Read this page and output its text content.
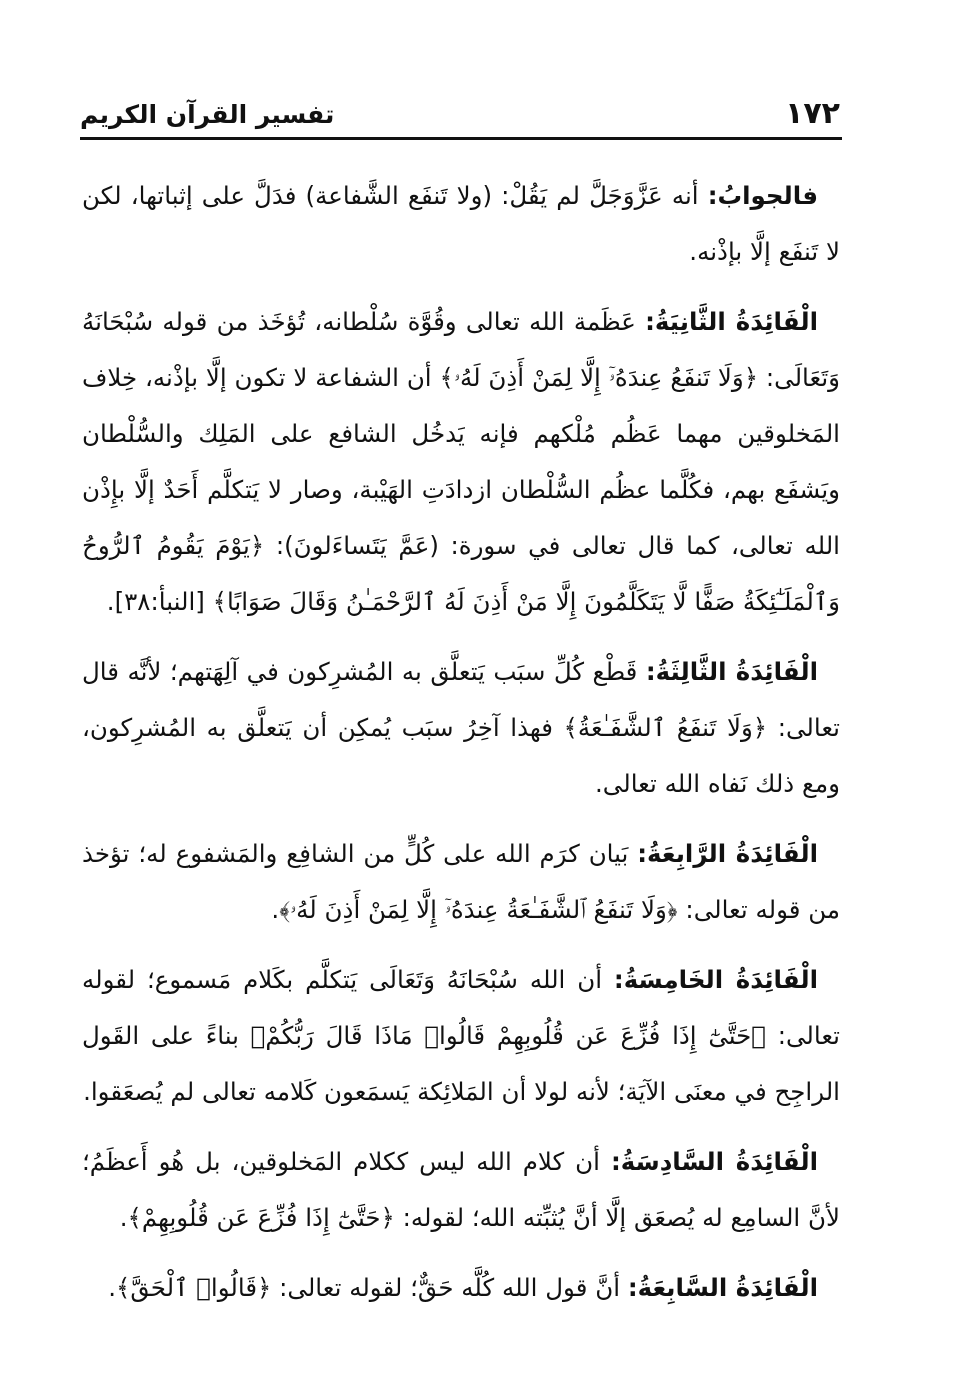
١٧٢
تفسير القرآن الكريم

فالجوابُ: أنه عَزَّوَجَلَّ لم يَقُلْ: (ولا تَنفَع الشَّفاعة) فدَلَّ على إثباتها، لكن لا تَنفَع إلَّا بإذْنه.

الْفَائِدَةُ الثَّانِيَةُ: عَظَمة الله تعالى وقُوَّة سُلْطانه، تُؤخَذ من قوله سُبْحَانَهُ وَتَعَالَى: ﴿وَلَا تَنفَعُ عِندَهُۥٓ إِلَّا لِمَنْ أَذِنَ لَهُۥ﴾ أن الشفاعة لا تكون إلَّا بإذْنه، خِلاف المَخلوقين مهما عَظُم مُلْكهم فإنه يَدخُل الشافع على المَلِك والسُّلْطان ويَشفَع بهم، فكُلَّما عظُم السُّلْطان ازدادَتِ الهَيْبة، وصار لا يَتكلَّم أَحَدٌ إلَّا بإِذْن الله تعالى، كما قال تعالى في سورة: (عَمَّ يَتَساءَلونَ): ﴿يَوْمَ يَقُومُ ٱلرُّوحُ وَٱلْمَلَـٰٓئِكَةُ صَفًّا لَّا يَتَكَلَّمُونَ إِلَّا مَنْ أَذِنَ لَهُ ٱلرَّحْمَـٰنُ وَقَالَ صَوَابًا﴾ [النبأ:٣٨].

الْفَائِدَةُ الثَّالِثَةُ: قَطْع كُلِّ سبَب يَتعلَّق به المُشرِكون في آلِهَتهم؛ لأنَّه قال تعالى: ﴿وَلَا تَنفَعُ ٱلشَّفَـٰعَةُ﴾ فهذا آخِرُ سبَب يُمكِن أن يَتعلَّق به المُشرِكون، ومع ذلك نَفاه الله تعالى.

الْفَائِدَةُ الرَّابِعَةُ: بَيان كرَم الله على كُلٍّ من الشافِع والمَشفوع له؛ تؤخذ من قوله تعالى: ﴿وَلَا تَنفَعُ ٱلشَّفَـٰعَةُ عِندَهُۥٓ إِلَّا لِمَنْ أَذِنَ لَهُۥ﴾.

الْفَائِدَةُ الخَامِسَةُ: أن الله سُبْحَانَهُ وَتَعَالَى يَتكلَّم بكَلام مَسموع؛ لقوله تعالى: ﴿حَتَّىٰٓ إِذَا فُزِّعَ عَن قُلُوبِهِمْ قَالُوا۟ مَاذَا قَالَ رَبُّكُمْ﴾ بناءً على القَول الراجِح في معنَى الآيَة؛ لأنه لولا أن المَلائِكة يَسمَعون كَلامه تعالى لم يُصعَقوا.

الْفَائِدَةُ السَّادِسَةُ: أن كلام الله ليس ككلام المَخلوقين، بل هُو أَعظَمُ؛ لأنَّ السامِع له يُصعَق إلَّا أنَّ يُثبِّته الله؛ لقوله: ﴿حَتَّىٰٓ إِذَا فُزِّعَ عَن قُلُوبِهِمْ﴾.

الْفَائِدَةُ السَّابِعَةُ: أنَّ قول الله كُلَّه حَقٌّ؛ لقوله تعالى: ﴿قَالُوا۟ ٱلْحَقَّ﴾.
